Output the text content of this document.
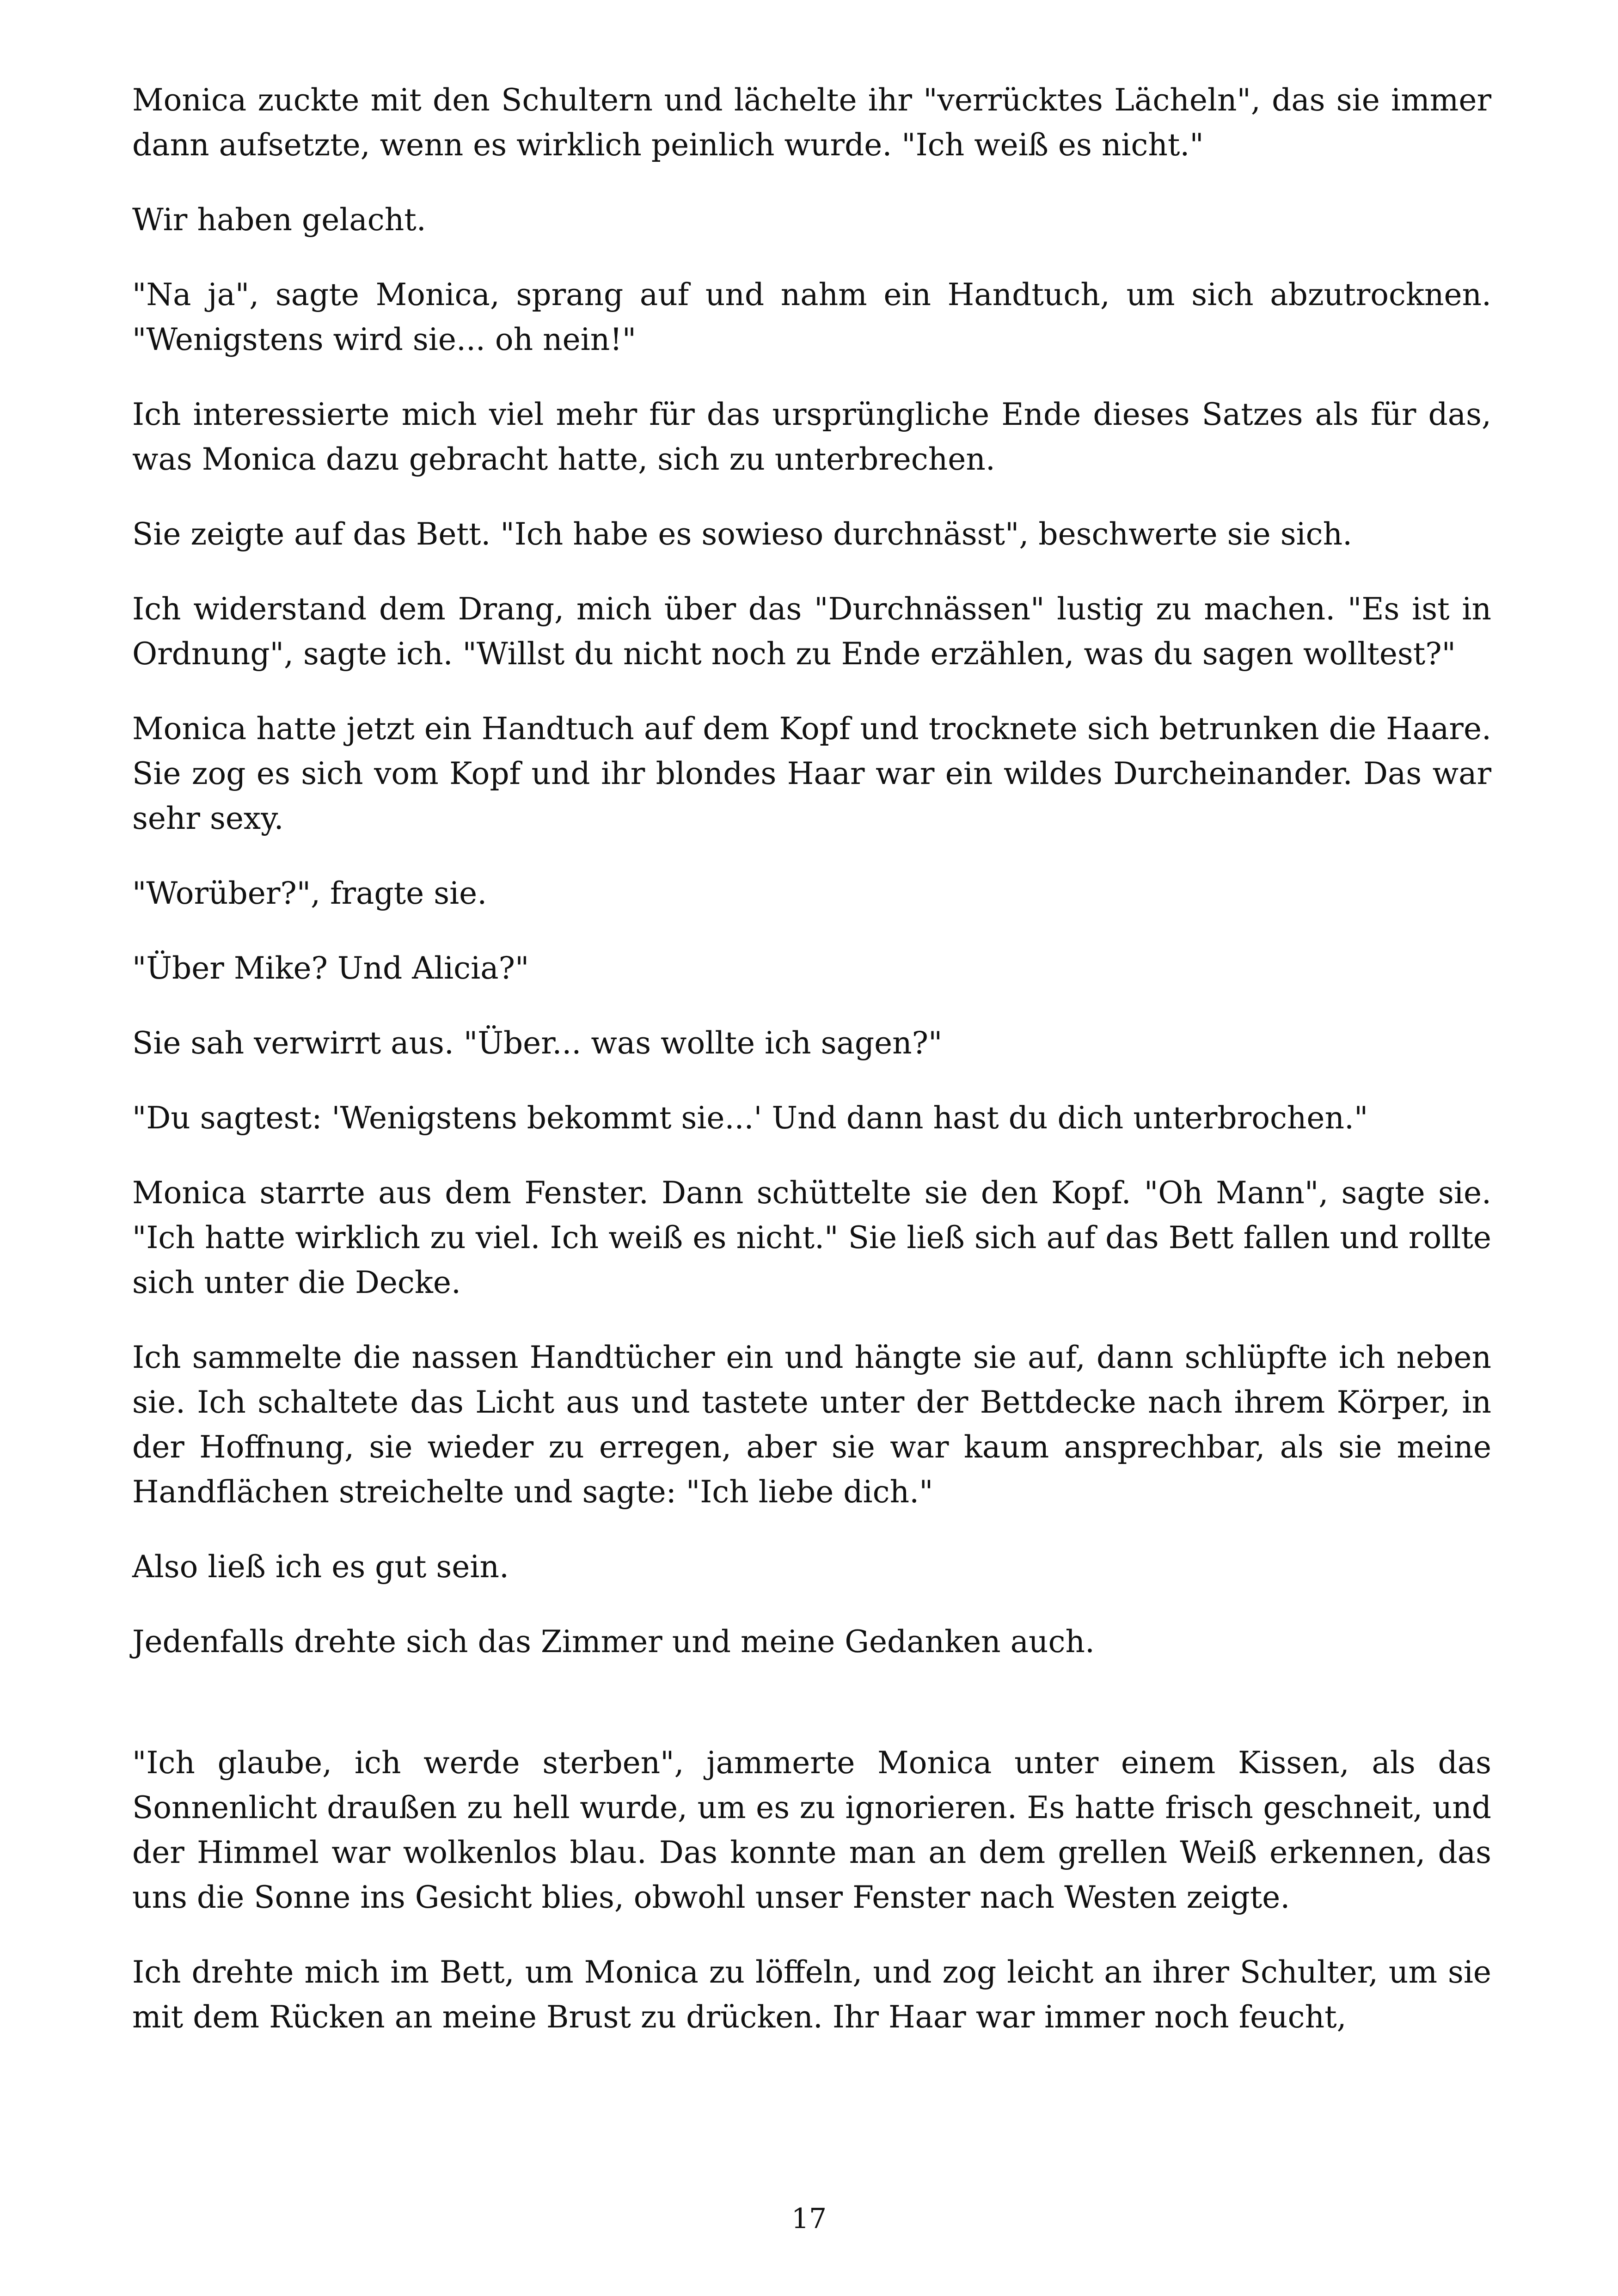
Monica zuckte mit den Schultern und lächelte ihr "verrücktes Lächeln", das sie immer dann aufsetzte, wenn es wirklich peinlich wurde. "Ich weiß es nicht."

Wir haben gelacht.

"Na ja", sagte Monica, sprang auf und nahm ein Handtuch, um sich abzutrocknen. "Wenigstens wird sie... oh nein!"

Ich interessierte mich viel mehr für das ursprüngliche Ende dieses Satzes als für das, was Monica dazu gebracht hatte, sich zu unterbrechen.

Sie zeigte auf das Bett. "Ich habe es sowieso durchnässt", beschwerte sie sich.

Ich widerstand dem Drang, mich über das "Durchnässen" lustig zu machen. "Es ist in Ordnung", sagte ich. "Willst du nicht noch zu Ende erzählen, was du sagen wolltest?"

Monica hatte jetzt ein Handtuch auf dem Kopf und trocknete sich betrunken die Haare. Sie zog es sich vom Kopf und ihr blondes Haar war ein wildes Durcheinander. Das war sehr sexy.

"Worüber?", fragte sie.

"Über Mike? Und Alicia?"

Sie sah verwirrt aus. "Über... was wollte ich sagen?"

"Du sagtest: 'Wenigstens bekommt sie...' Und dann hast du dich unterbrochen."

Monica starrte aus dem Fenster. Dann schüttelte sie den Kopf. "Oh Mann", sagte sie. "Ich hatte wirklich zu viel. Ich weiß es nicht." Sie ließ sich auf das Bett fallen und rollte sich unter die Decke.

Ich sammelte die nassen Handtücher ein und hängte sie auf, dann schlüpfte ich neben sie. Ich schaltete das Licht aus und tastete unter der Bettdecke nach ihrem Körper, in der Hoffnung, sie wieder zu erregen, aber sie war kaum ansprechbar, als sie meine Handflächen streichelte und sagte: "Ich liebe dich."

Also ließ ich es gut sein.

Jedenfalls drehte sich das Zimmer und meine Gedanken auch.

"Ich glaube, ich werde sterben", jammerte Monica unter einem Kissen, als das Sonnenlicht draußen zu hell wurde, um es zu ignorieren. Es hatte frisch geschneit, und der Himmel war wolkenlos blau. Das konnte man an dem grellen Weiß erkennen, das uns die Sonne ins Gesicht blies, obwohl unser Fenster nach Westen zeigte.

Ich drehte mich im Bett, um Monica zu löffeln, und zog leicht an ihrer Schulter, um sie mit dem Rücken an meine Brust zu drücken. Ihr Haar war immer noch feucht,

17
